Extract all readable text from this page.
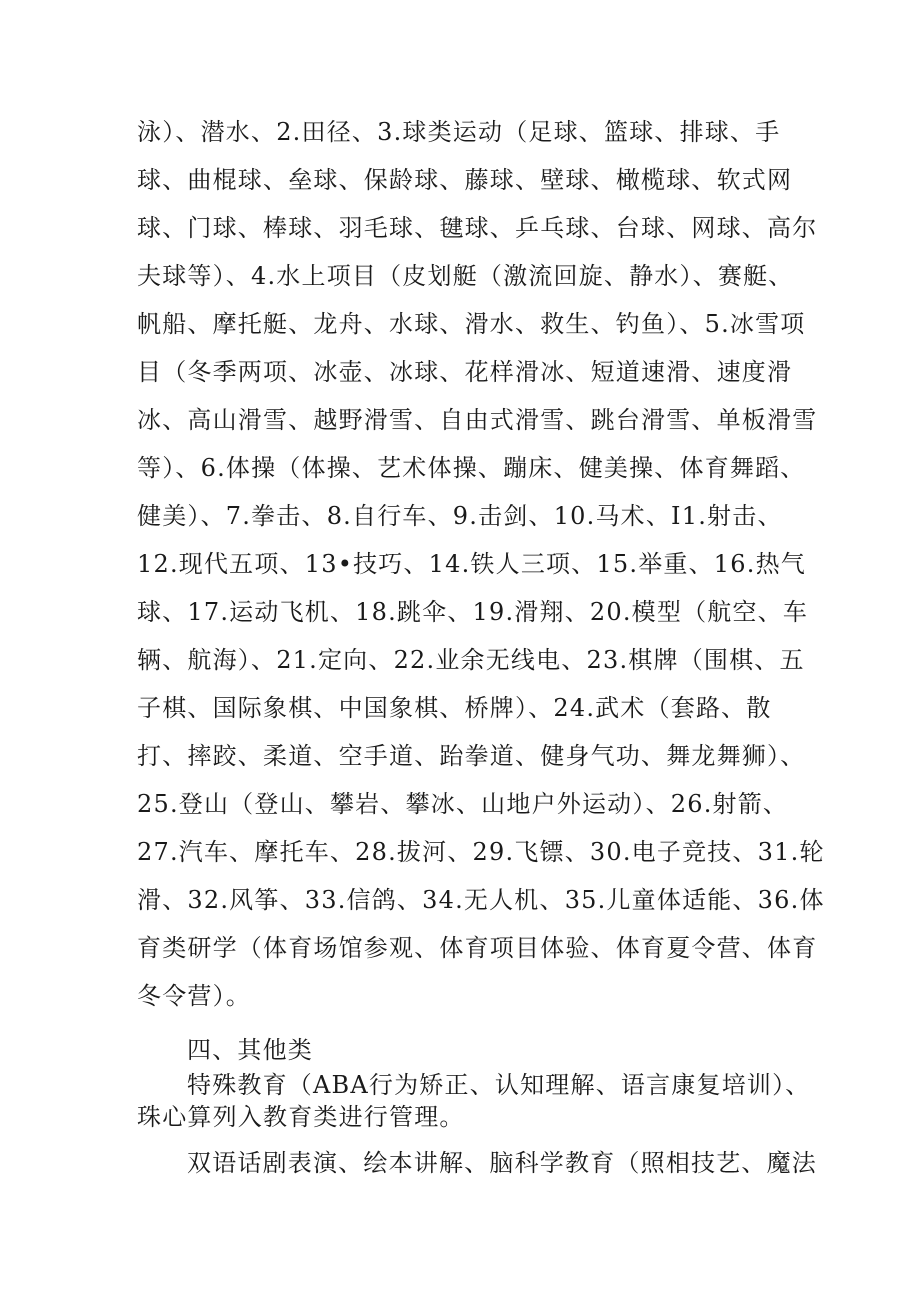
泳）、潜水、2.田径、3.球类运动（足球、篮球、排球、手
球、曲棍球、垒球、保龄球、藤球、壁球、橄榄球、软式网
球、门球、棒球、羽毛球、毽球、乒乓球、台球、网球、高尔
夫球等）、4.水上项目（皮划艇（激流回旋、静水）、赛艇、
帆船、摩托艇、龙舟、水球、滑水、救生、钓鱼）、5.冰雪项
目（冬季两项、冰壶、冰球、花样滑冰、短道速滑、速度滑
冰、高山滑雪、越野滑雪、自由式滑雪、跳台滑雪、单板滑雪
等）、6.体操（体操、艺术体操、蹦床、健美操、体育舞蹈、
健美）、7.拳击、8.自行车、9.击剑、10.马术、I1.射击、
12.现代五项、13•技巧、14.铁人三项、15.举重、16.热气
球、17.运动飞机、18.跳伞、19.滑翔、20.模型（航空、车
辆、航海）、21.定向、22.业余无线电、23.棋牌（围棋、五
子棋、国际象棋、中国象棋、桥牌）、24.武术（套路、散
打、摔跤、柔道、空手道、跆拳道、健身气功、舞龙舞狮）、
25.登山（登山、攀岩、攀冰、山地户外运动）、26.射箭、
27.汽车、摩托车、28.拔河、29.飞镖、30.电子竞技、31.轮
滑、32.风筝、33.信鸽、34.无人机、35.儿童体适能、36.体
育类研学（体育场馆参观、体育项目体验、体育夏令营、体育
冬令营）。
四、其他类
特殊教育（ABA行为矫正、认知理解、语言康复培训）、
珠心算列入教育类进行管理。
双语话剧表演、绘本讲解、脑科学教育（照相技艺、魔法
